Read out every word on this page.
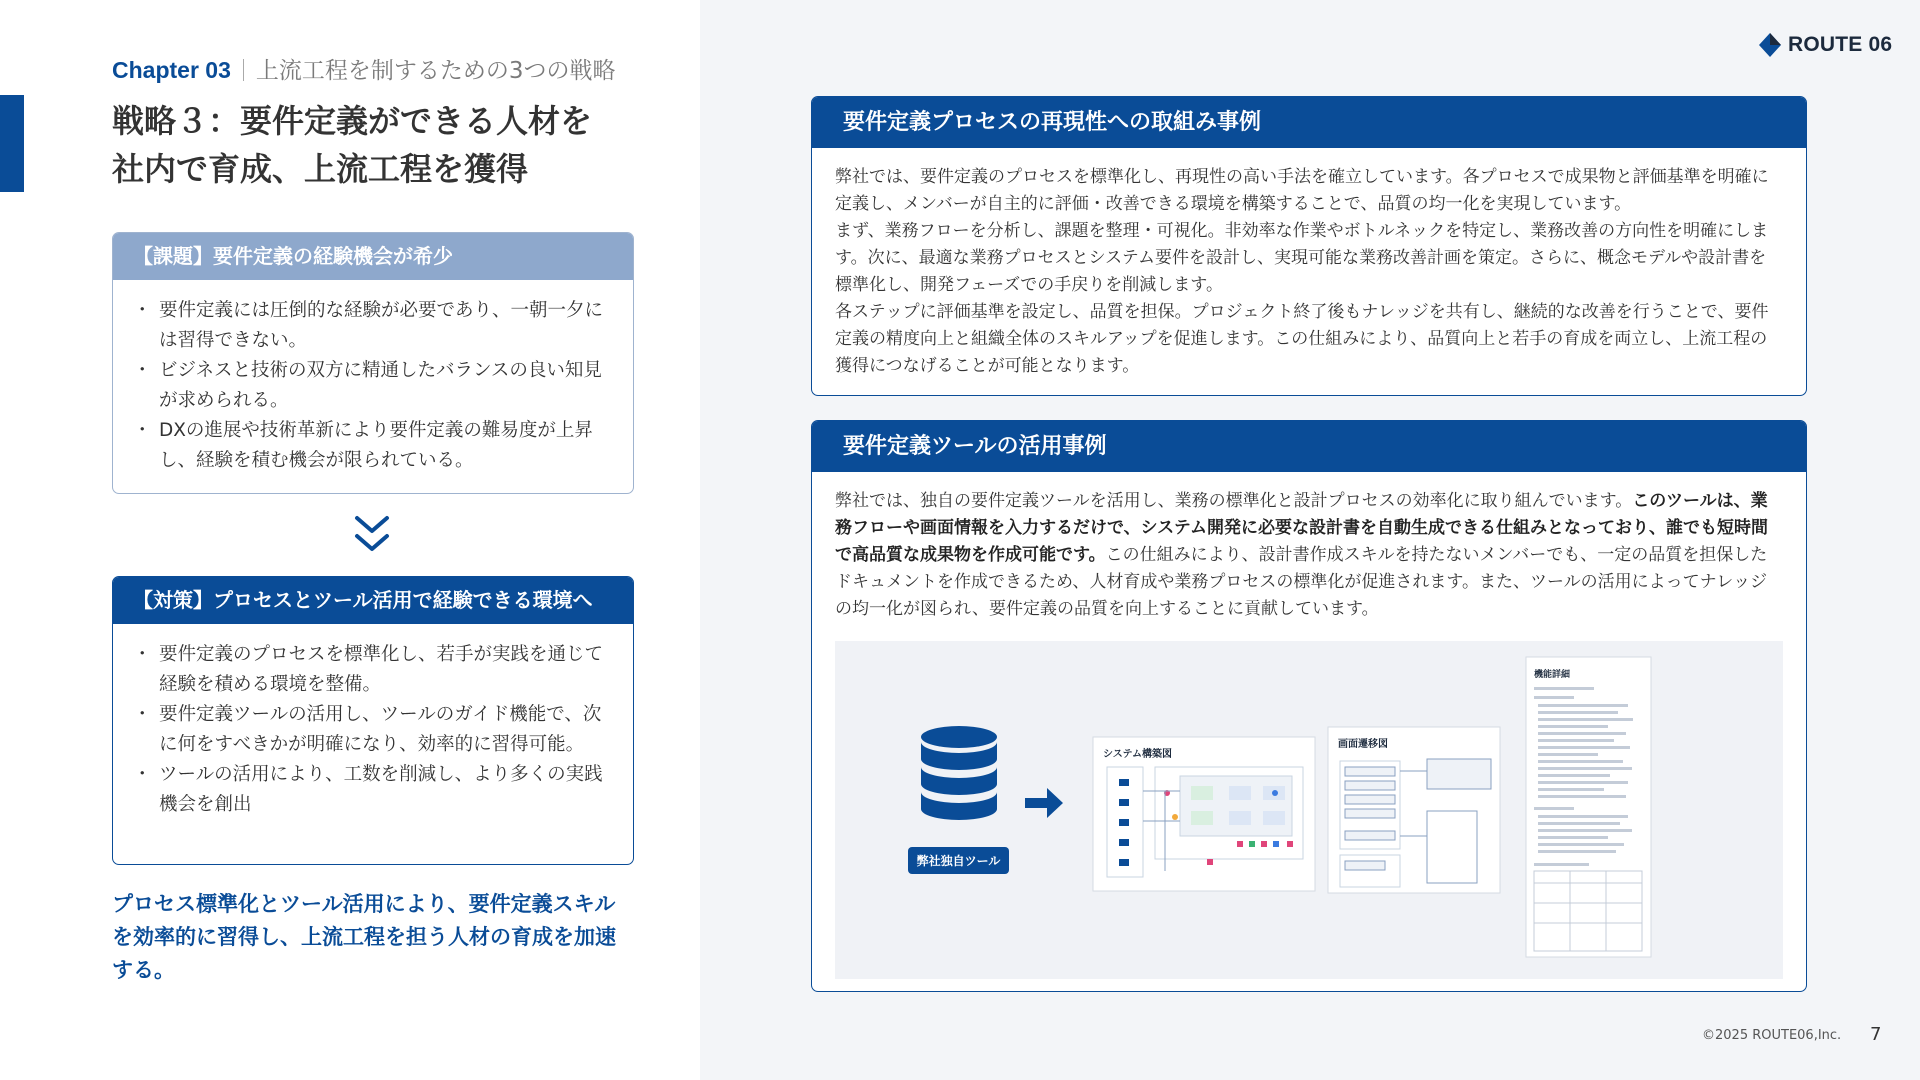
Chapter 03 上流工程を制するための3つの戦略
戦略３：要件定義ができる人材を
社内で育成、上流工程を獲得
【課題】要件定義の経験機会が希少
・ 要件定義には圧倒的な経験が必要であり、一朝一夕には習得できない。
・ ビジネスと技術の双方に精通したバランスの良い知見が求められる。
・ DXの進展や技術革新により要件定義の難易度が上昇し、経験を積む機会が限られている。
【対策】プロセスとツール活用で経験できる環境へ
・ 要件定義のプロセスを標準化し、若手が実践を通じて経験を積める環境を整備。
・ 要件定義ツールの活用し、ツールのガイド機能で、次に何をすべきかが明確になり、効率的に習得可能。
・ ツールの活用により、工数を削減し、より多くの実践機会を創出
プロセス標準化とツール活用により、要件定義スキルを効率的に習得し、上流工程を担う人材の育成を加速する。
要件定義プロセスの再現性への取組み事例

弊社では、要件定義のプロセスを標準化し、再現性の高い手法を確立しています。各プロセスで成果物と評価基準を明確に定義し、メンバーが自主的に評価・改善できる環境を構築することで、品質の均一化を実現しています。

まず、業務フローを分析し、課題を整理・可視化。非効率な作業やボトルネックを特定し、業務改善の方向性を明確にします。次に、最適な業務プロセスとシステム要件を設計し、実現可能な業務改善計画を策定。さらに、概念モデルや設計書を標準化し、開発フェーズでの手戻りを削減します。

各ステップに評価基準を設定し、品質を担保。プロジェクト終了後もナレッジを共有し、継続的な改善を行うことで、要件定義の精度向上と組織全体のスキルアップを促進します。この仕組みにより、品質向上と若手の育成を両立し、上流工程の獲得につなげることが可能となります。

要件定義ツールの活用事例

弊社では、独自の要件定義ツールを活用し、業務の標準化と設計プロセスの効率化に取り組んでいます。このツールは、業務フローや画面情報を入力するだけで、システム開発に必要な設計書を自動生成できる仕組みとなっており、誰でも短時間で高品質な成果物を作成可能です。この仕組みにより、設計書作成スキルを持たないメンバーでも、一定の品質を担保したドキュメントを作成できるため、人材育成や業務プロセスの標準化が促進されます。また、ツールの活用によってナレッジの均一化が図られ、要件定義の品質を向上することに貢献しています。

弊社独自ツール
システム構築図
画面遷移図
機能詳細
ROUTE 06
©2025 ROUTE06,Inc. 7
